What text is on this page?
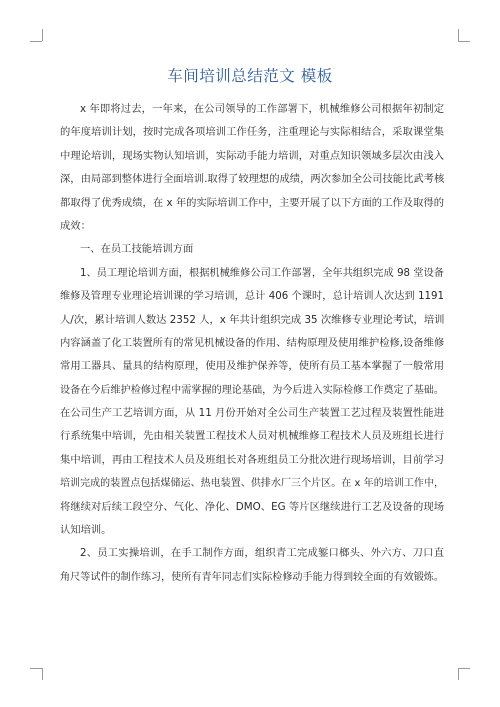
车间培训总结范文 模板
x 年即将过去，一年来，在公司领导的工作部署下，机械维修公司根据年初制定
的年度培训计划，按时完成各项培训工作任务，注重理论与实际相结合，采取课堂集
中理论培训，现场实物认知培训，实际动手能力培训，对重点知识领域多层次由浅入
深，由局部到整体进行全面培训.取得了较理想的成绩，两次参加全公司技能比武考核
都取得了优秀成绩，在 x 年的实际培训工作中，主要开展了以下方面的工作及取得的
成效：
一、在员工技能培训方面
1、员工理论培训方面，根据机械维修公司工作部署，全年共组织完成 98 堂设备
维修及管理专业理论培训课的学习培训，总计 406 个课时，总计培训人次达到 1191
人/次，累计培训人数达 2352 人，x 年共计组织完成 35 次维修专业理论考试，培训
内容涵盖了化工装置所有的常见机械设备的作用、结构原理及使用维护检修,设备维修
常用工器具、量具的结构原理，使用及维护保养等，使所有员工基本掌握了一般常用
设备在今后维护检修过程中需掌握的理论基础，为今后进入实际检修工作奠定了基础。
在公司生产工艺培训方面，从 11 月份开始对全公司生产装置工艺过程及装置性能进
行系统集中培训，先由相关装置工程技术人员对机械维修工程技术人员及班组长进行
集中培训，再由工程技术人员及班组长对各班组员工分批次进行现场培训，目前学习
培训完成的装置点包括煤储运、热电装置、供排水厂三个片区。在 x 年的培训工作中，
将继续对后续工段空分、气化、净化、DMO、EG 等片区继续进行工艺及设备的现场
认知培训。
2、员工实操培训，在手工制作方面，组织青工完成錾口榔头、外六方、刀口直
角尺等试件的制作练习，使所有青年同志们实际检修动手能力得到较全面的有效锻炼。
